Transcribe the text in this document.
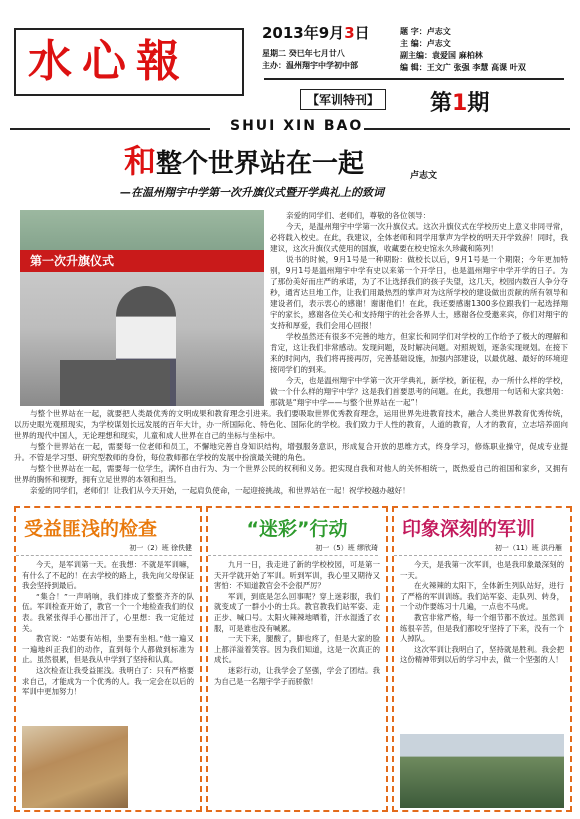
水心報
2013年9月3日
星期二 癸巳年七月廿八
主办：温州翔宇中学初中部
题 字：卢志文
主 编：卢志文
副主编：袁爱国 麻柏林
编 辑：王文广 张强 李慧 高课 叶双
【军训特刊】	第1期
SHUI XIN BAO
和整个世界站在一起	卢志文
—在温州翔宇中学第一次升旗仪式暨开学典礼上的致词
第一次升旗仪式

亲爱的同学们、老师们，尊敬的各位领导：

今天，是温州翔宇中学第一次升旗仪式。这次升旗仪式在学校历史上意义非同寻常，必将载入校史。在此，我建议，全体老师和同学用掌声为学校的明天开学致辞！同时，我建议，这次升旗仪式使用的国旗，收藏要在校史馆永久珍藏和陈列！

说书的时候，9月1号是一种期盼：做校长以后，9月1号是一个期限；今年更加特别，9月1号是温州翔宇中学有史以来第一个开学日，也是温州翔宇中学开学的日子。为了那份美好而庄严的承诺，为了不让选择我们的孩子失望，这几天，校园内数百人争分夺秒，通宵达旦地工作，让我们用最热烈的掌声对为这所学校的建设做出贡献的所有领导和建设者们，表示衷心的感谢！谢谢他们！在此，我还要感谢1300多位跟我们一起选择翔宇的家长，感谢各位关心和支持翔宇的社会各界人士，感谢各位受邀来宾，你们对翔宇的支持和厚爱，我们会用心回报！

学校虽然还有很多不完善的地方，但家长和同学们对学校的工作给予了极大的理解和肯定，这让我们非常感动。发现问题，及时解决问题。对照规划，逐条实现规划。在接下来的时间内，我们将再接再厉，完善基础设施，加强内部建设，以最优越、最好的环境迎接同学们的到来。

今天，也是温州翔宇中学第一次开学典礼，新学校，新征程，办一所什么样的学校，做一个什么样的翔宇中学？这是我们首要思考的问题。在此，我想用一句话和大家共勉：那就是“翔宇中学——与整个世界站在一起”！

与整个世界站在一起，就要把人类最优秀的文明成果和教育理念引进来。我们要吸取世界优秀教育理念，运用世界先进教育技术，融合人类世界教育优秀传统，以历史眼光观照现实，为学校谋划长远发展的百年大计，办一所国际化、特色化、国际化的学校。我们致力于人性的教育，人道的教育，人才的教育，立志培养面向世界的现代中国人，无论理想和现实，儿童和成人世界在自己的坐标与坐标中。

与整个世界站在一起，需要每一位老师和员工，不懈地完善自身知识结构，增强服务意识，形成复合开放的思维方式，终身学习，修炼职业操守，促成专业提升。不管是学习型、研究型教师的身份，每位教师都在学校的发展中扮演最关键的角色。

与整个世界站在一起，需要每一位学生，满怀自由行为、为一个世界公民的权利和义务。把实现自我和对他人的关怀相统一，既热爱自己的祖国和家乡，又拥有世界的胸怀和视野，拥有立足世界的本领和担当。

亲爱的同学们，老师们！让我们从今天开始，一起肩负使命，一起迎接挑战，和世界站在一起！祝学校越办越好！

受益匪浅的检查
初一（2）班 徐佚健

今天，是军训第一天。在我想：不就是军训嘛，有什么了不起的！在去学校的路上，我先向父母保证我会坚持到最后。

“集合！”一声哨响，我们排成了整整齐齐的队伍。军训检查开始了，教官一个一个地检查我们的仪表。我紧张得手心都出汗了，心里想：我一定能过关。

教官说：“站要有站相，坐要有坐相。”他一遍又一遍地纠正我们的动作，直到每个人都做到标准为止。虽然很累，但是我从中学到了坚持和认真。

这次检查让我受益匪浅。我明白了：只有严格要求自己，才能成为一个优秀的人。我一定会在以后的军训中更加努力！

“迷彩”行动
初一（5）班 缪欣琦

九月一日，我走进了新的学校校园，可是第一天开学就开始了军训。听到军训，我心里又期待又害怕：不知道教官会不会很严厉？

军训，到底是怎么回事呢？穿上迷彩服，我们就变成了一群小小的士兵。教官教我们站军姿、走正步、喊口号。太阳火辣辣地晒着，汗水湿透了衣服，可是谁也没有喊累。

一天下来，腿酸了，脚也疼了，但是大家的脸上都洋溢着笑容。因为我们知道，这是一次真正的成长。

迷彩行动，让我学会了坚强，学会了团结。我为自己是一名翔宇学子而骄傲！

印象深刻的军训
初一（11）班 洪丹雁

今天，是我第一次军训，也是我印象最深刻的一天。

在火辣辣的太阳下，全体新生列队站好，进行了严格的军训训练。我们站军姿、走队列、转身，一个动作要练习十几遍，一点也不马虎。

教官非常严格，每一个细节都不放过。虽然训练很辛苦，但是我们都咬牙坚持了下来，没有一个人掉队。

这次军训让我明白了，坚持就是胜利。我会把这份精神带到以后的学习中去，做一个坚强的人！
